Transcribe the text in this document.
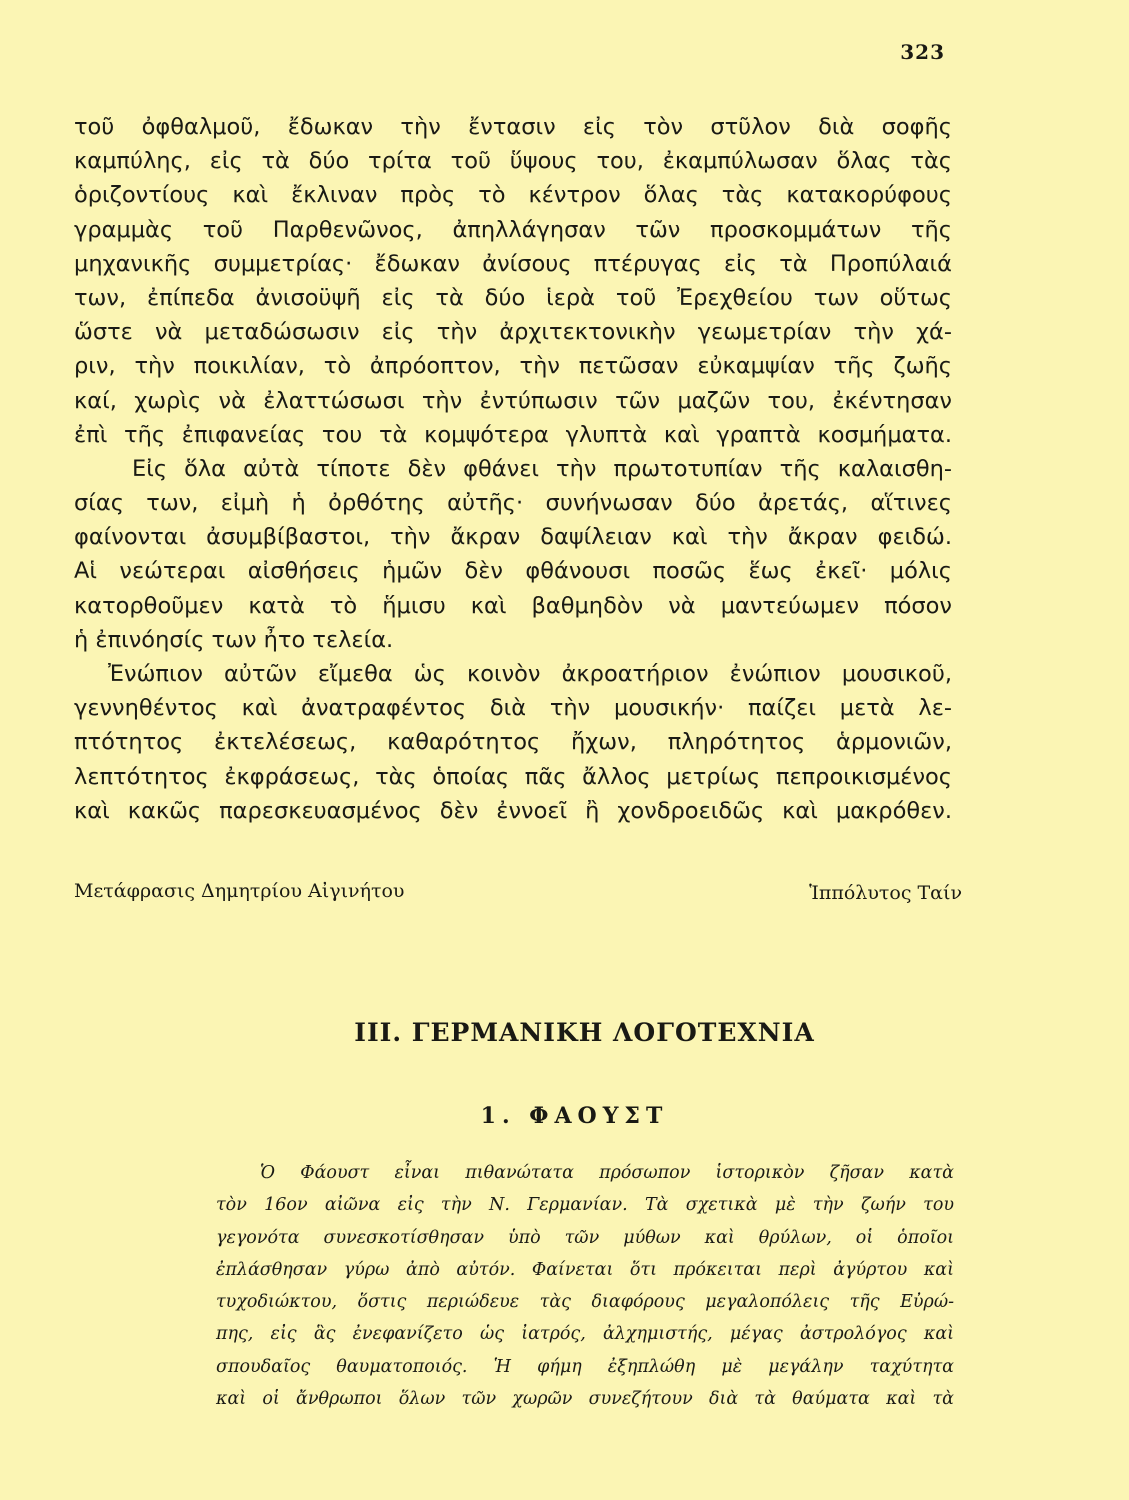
323
τοῦ ὀφθαλμοῦ, ἔδωκαν τὴν ἔντασιν εἰς τὸν στῦλον διὰ σοφῆς
καμπύλης, εἰς τὰ δύο τρίτα τοῦ ὕψους του, ἐκαμπύλωσαν ὅλας τὰς
ὁριζοντίους καὶ ἔκλιναν πρὸς τὸ κέντρον ὅλας τὰς κατακορύφους
γραμμὰς τοῦ Παρθενῶνος, ἀπηλλάγησαν τῶν προσκομμάτων τῆς
μηχανικῆς συμμετρίας· ἔδωκαν ἀνίσους πτέρυγας εἰς τὰ Προπύλαιά
των, ἐπίπεδα ἀνισοϋψῆ εἰς τὰ δύο ἱερὰ τοῦ Ἐρεχθείου των οὕτως
ὥστε νὰ μεταδώσωσιν εἰς τὴν ἀρχιτεκτονικὴν γεωμετρίαν τὴν χά-
ριν, τὴν ποικιλίαν, τὸ ἀπρόοπτον, τὴν πετῶσαν εὐκαμψίαν τῆς ζωῆς
καί, χωρὶς νὰ ἐλαττώσωσι τὴν ἐντύπωσιν τῶν μαζῶν του, ἐκέντησαν
ἐπὶ τῆς ἐπιφανείας του τὰ κομψότερα γλυπτὰ καὶ γραπτὰ κοσμήματα.
Εἰς ὅλα αὐτὰ τίποτε δὲν φθάνει τὴν πρωτοτυπίαν τῆς καλαισθη-
σίας των, εἰμὴ ἡ ὀρθότης αὐτῆς· συνήνωσαν δύο ἀρετάς, αἵτινες
φαίνονται ἀσυμβίβαστοι, τὴν ἄκραν δαψίλειαν καὶ τὴν ἄκραν φειδώ.
Αἱ νεώτεραι αἰσθήσεις ἡμῶν δὲν φθάνουσι ποσῶς ἕως ἐκεῖ· μόλις
κατορθοῦμεν κατὰ τὸ ἥμισυ καὶ βαθμηδὸν νὰ μαντεύωμεν πόσον
ἡ ἐπινόησίς των ἦτο τελεία.
Ἐνώπιον αὐτῶν εἴμεθα ὡς κοινὸν ἀκροατήριον ἐνώπιον μουσικοῦ,
γεννηθέντος καὶ ἀνατραφέντος διὰ τὴν μουσικήν· παίζει μετὰ λε-
πτότητος ἐκτελέσεως, καθαρότητος ἤχων, πληρότητος ἁρμονιῶν,
λεπτότητος ἐκφράσεως, τὰς ὁποίας πᾶς ἄλλος μετρίως πεπροικισμένος
καὶ κακῶς παρεσκευασμένος δὲν ἐννοεῖ ἢ χονδροειδῶς καὶ μακρόθεν.
Μετάφρασις Δημητρίου Αἰγινήτου	Ἱππόλυτος Ταίν
III. ΓΕΡΜΑΝΙΚΗ ΛΟΓΟΤΕΧΝΙΑ
1. ΦΑΟΥΣΤ
Ὁ Φάουστ εἶναι πιθανώτατα πρόσωπον ἱστορικὸν ζῆσαν κατὰ
τὸν 16ον αἰῶνα εἰς τὴν Ν. Γερμανίαν. Τὰ σχετικὰ μὲ τὴν ζωήν του
γεγονότα συνεσκοτίσθησαν ὑπὸ τῶν μύθων καὶ θρύλων, οἱ ὁποῖοι
ἐπλάσθησαν γύρω ἀπὸ αὐτόν. Φαίνεται ὅτι πρόκειται περὶ ἀγύρτου καὶ
τυχοδιώκτου, ὅστις περιώδευε τὰς διαφόρους μεγαλοπόλεις τῆς Εὐρώ-
πης, εἰς ἃς ἐνεφανίζετο ὡς ἰατρός, ἀλχημιστής, μέγας ἀστρολόγος καὶ
σπουδαῖος θαυματοποιός. Ἡ φήμη ἐξηπλώθη μὲ μεγάλην ταχύτητα
καὶ οἱ ἄνθρωποι ὅλων τῶν χωρῶν συνεζήτουν διὰ τὰ θαύματα καὶ τὰ
